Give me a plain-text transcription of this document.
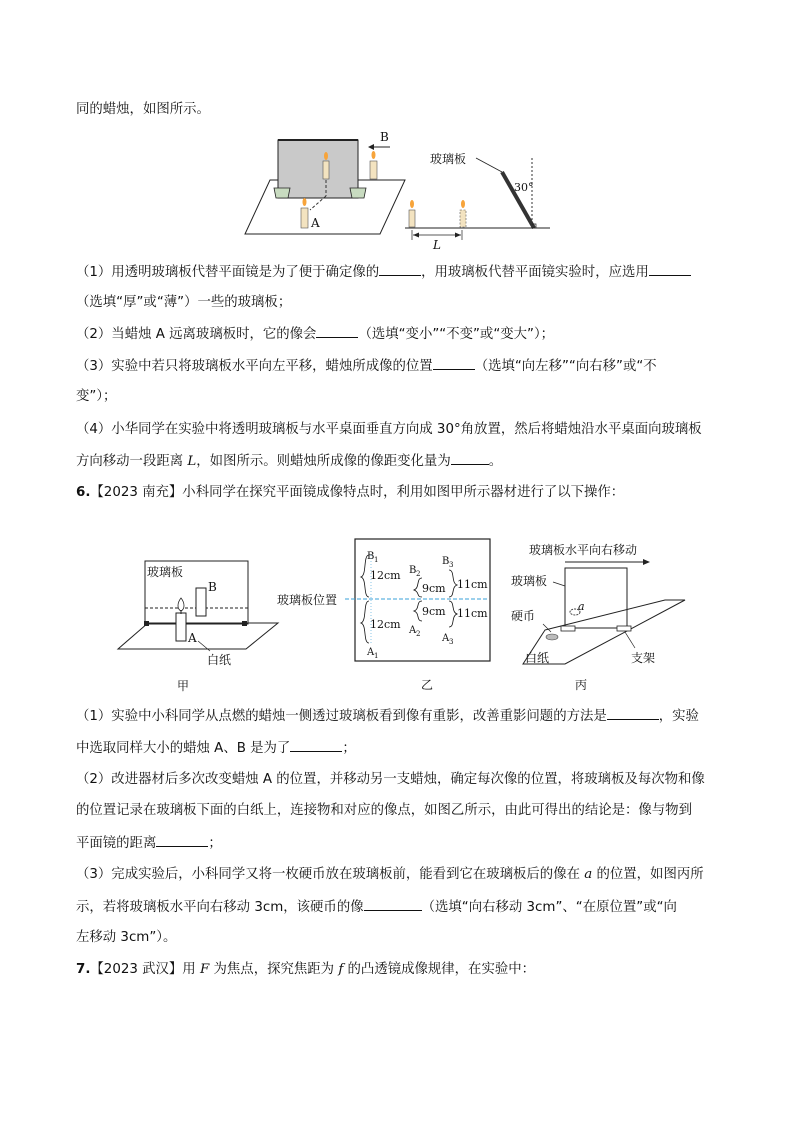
同的蜡烛，如图所示。
A
B
玻璃板
30°
L
（1）用透明玻璃板代替平面镜是为了便于确定像的	，用玻璃板代替平面镜实验时，应选用
（选填“厚”或“薄”）一些的玻璃板；
（2）当蜡烛 A 远离玻璃板时，它的像会	（选填“变小”“不变”或“变大”）；
（3）实验中若只将玻璃板水平向左平移，蜡烛所成像的位置	（选填“向左移”“向右移”或“不
变”）；
（4）小华同学在实验中将透明玻璃板与水平桌面垂直方向成 30°角放置，然后将蜡烛沿水平桌面向玻璃板
方向移动一段距离 L，如图所示。则蜡烛所成像的像距变化量为	。
6.【2023 南充】小科同学在探究平面镜成像特点时，利用如图甲所示器材进行了以下操作：
玻璃板
B
A
白纸
甲
玻璃板位置
B 1
12cm
12cm
A 1
B 2
9cm
9cm
A 2
B 3
11cm
11cm
A 3
乙
玻璃板水平向右移动
玻璃板
硬币
a
白纸	支架
丙
（1）实验中小科同学从点燃的蜡烛一侧透过玻璃板看到像有重影，改善重影问题的方法是	，实验
中选取同样大小的蜡烛 A、B 是为了	；
（2）改进器材后多次改变蜡烛 A 的位置，并移动另一支蜡烛，确定每次像的位置，将玻璃板及每次物和像
的位置记录在玻璃板下面的白纸上，连接物和对应的像点，如图乙所示，由此可得出的结论是：像与物到
平面镜的距离	；
（3）完成实验后，小科同学又将一枚硬币放在玻璃板前，能看到它在玻璃板后的像在 a 的位置，如图丙所
示，若将玻璃板水平向右移动 3cm，该硬币的像	（选填“向右移动 3cm”、“在原位置”或“向
左移动 3cm”）。
7.【2023 武汉】用 F 为焦点，探究焦距为 f 的凸透镜成像规律，在实验中：
